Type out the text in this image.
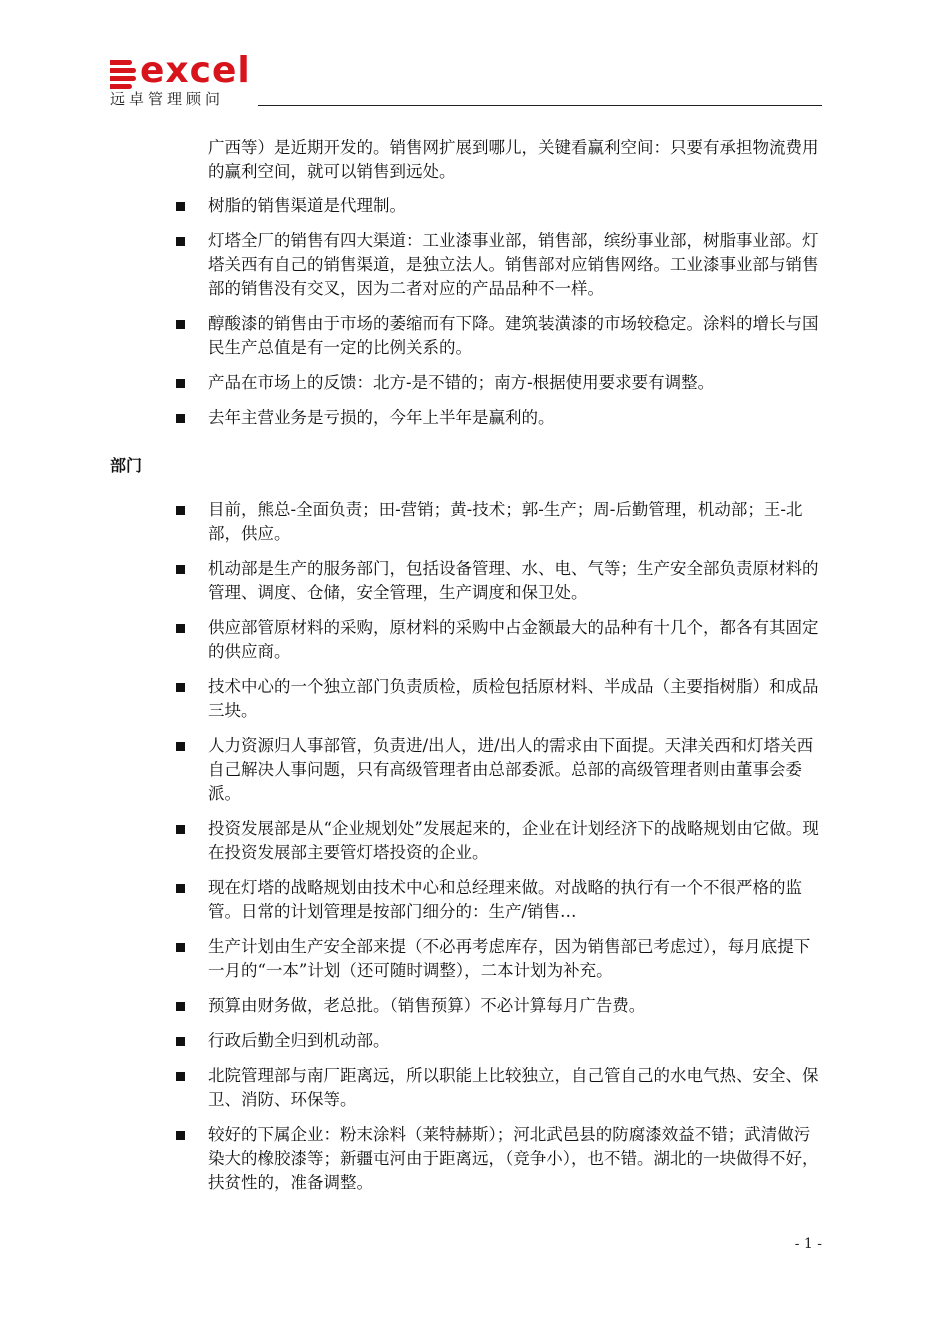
excel
远卓管理顾问

广西等）是近期开发的。销售网扩展到哪儿，关键看赢利空间：只要有承担物流费用的赢利空间，就可以销售到远处。

树脂的销售渠道是代理制。
灯塔全厂的销售有四大渠道：工业漆事业部，销售部，缤纷事业部，树脂事业部。灯塔关西有自己的销售渠道，是独立法人。销售部对应销售网络。工业漆事业部与销售部的销售没有交叉，因为二者对应的产品品种不一样。
醇酸漆的销售由于市场的萎缩而有下降。建筑装潢漆的市场较稳定。涂料的增长与国民生产总值是有一定的比例关系的。
产品在市场上的反馈：北方-是不错的；南方-根据使用要求要有调整。
去年主营业务是亏损的，今年上半年是赢利的。
部门
目前，熊总-全面负责；田-营销；黄-技术；郭-生产；周-后勤管理，机动部；王-北部，供应。
机动部是生产的服务部门，包括设备管理、水、电、气等；生产安全部负责原材料的管理、调度、仓储，安全管理，生产调度和保卫处。
供应部管原材料的采购，原材料的采购中占金额最大的品种有十几个，都各有其固定的供应商。
技术中心的一个独立部门负责质检，质检包括原材料、半成品（主要指树脂）和成品三块。
人力资源归人事部管，负责进/出人，进/出人的需求由下面提。天津关西和灯塔关西自己解决人事问题，只有高级管理者由总部委派。总部的高级管理者则由董事会委派。
投资发展部是从“企业规划处”发展起来的，企业在计划经济下的战略规划由它做。现在投资发展部主要管灯塔投资的企业。
现在灯塔的战略规划由技术中心和总经理来做。对战略的执行有一个不很严格的监管。日常的计划管理是按部门细分的：生产/销售…
生产计划由生产安全部来提（不必再考虑库存，因为销售部已考虑过），每月底提下一月的“一本”计划（还可随时调整），二本计划为补充。
预算由财务做，老总批。（销售预算）不必计算每月广告费。
行政后勤全归到机动部。
北院管理部与南厂距离远，所以职能上比较独立，自己管自己的水电气热、安全、保卫、消防、环保等。
较好的下属企业：粉末涂料（莱特赫斯）；河北武邑县的防腐漆效益不错；武清做污染大的橡胶漆等；新疆屯河由于距离远，（竞争小），也不错。湖北的一块做得不好，扶贫性的，准备调整。
- 1 -
